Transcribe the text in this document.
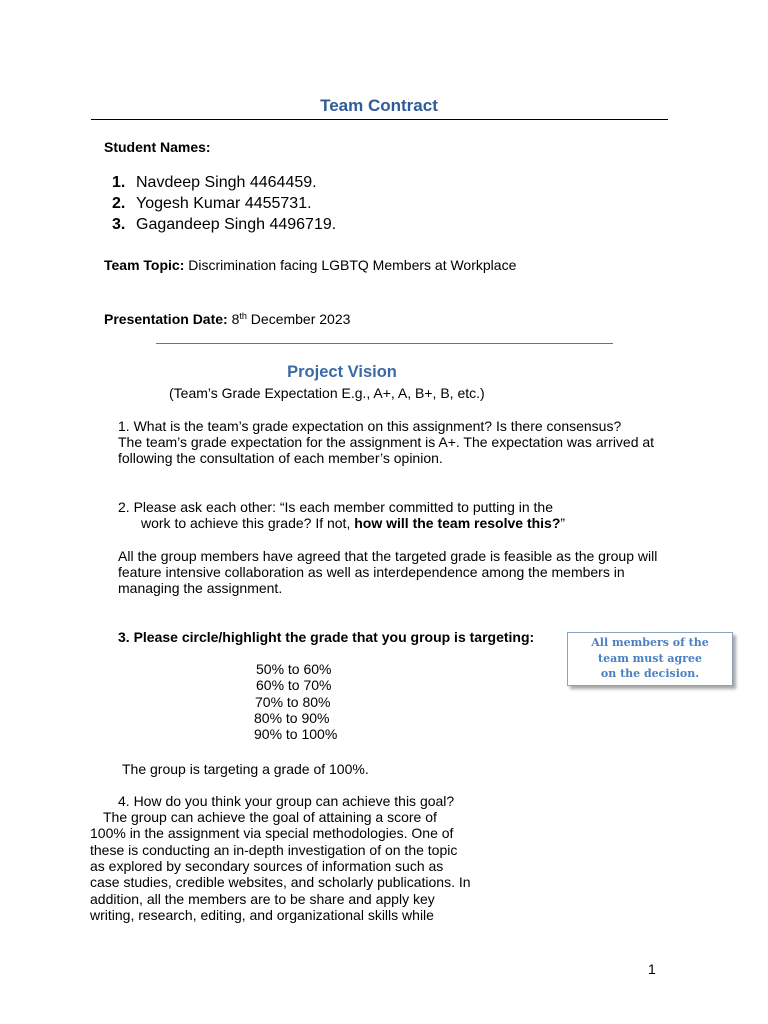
Team Contract
Student Names:
1. Navdeep Singh 4464459.
2. Yogesh Kumar 4455731.
3. Gagandeep Singh 4496719.
Team Topic: Discrimination facing LGBTQ Members at Workplace
Presentation Date: 8th December 2023
Project Vision
(Team’s Grade Expectation E.g., A+, A, B+, B, etc.)
1. What is the team’s grade expectation on this assignment? Is there consensus?
The team’s grade expectation for the assignment is A+. The expectation was arrived at
following the consultation of each member’s opinion.
2. Please ask each other: “Is each member committed to putting in the
work to achieve this grade? If not, how will the team resolve this?”
All the group members have agreed that the targeted grade is feasible as the group will
feature intensive collaboration as well as interdependence among the members in
managing the assignment.
3. Please circle/highlight the grade that you group is targeting:
50% to 60%
60% to 70%
70% to 80%
80% to 90%
90% to 100%
All members of the
team must agree
on the decision.
The group is targeting a grade of 100%.
4. How do you think your group can achieve this goal?
The group can achieve the goal of attaining a score of
100% in the assignment via special methodologies. One of
these is conducting an in-depth investigation of on the topic
as explored by secondary sources of information such as
case studies, credible websites, and scholarly publications. In
addition, all the members are to be share and apply key
writing, research, editing, and organizational skills while
1
